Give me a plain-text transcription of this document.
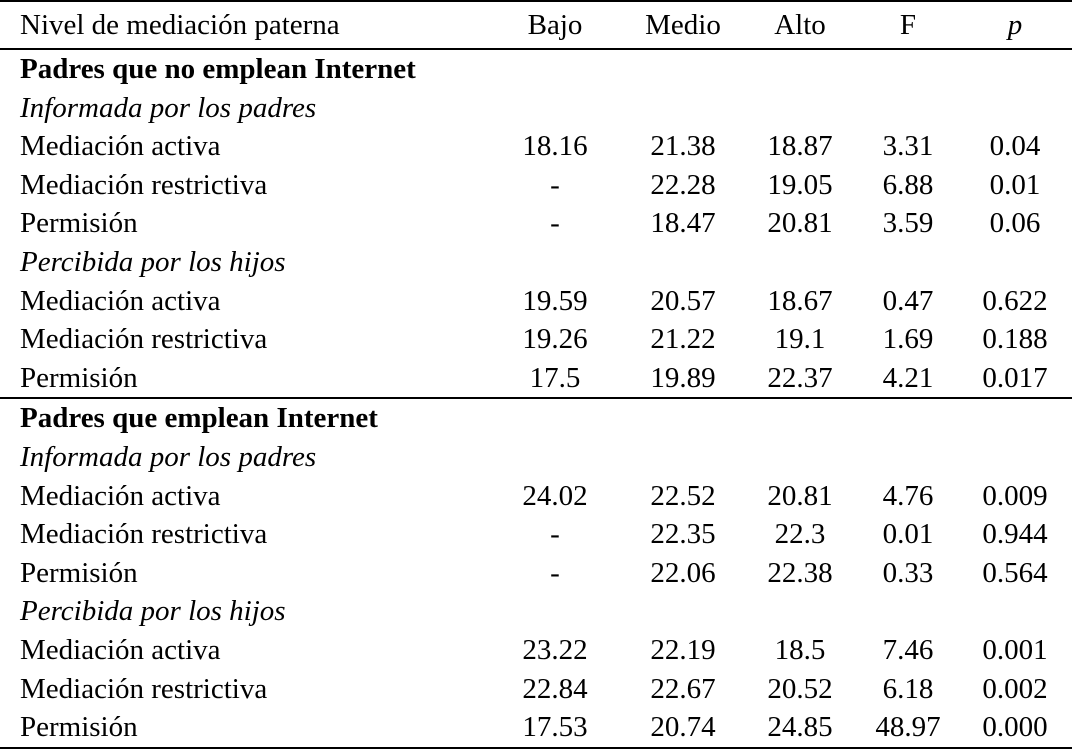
Nivel de mediación paterna	Bajo	Medio	Alto	F	p
Padres que no emplean Internet					
Informada por los padres					
Mediación activa	18.16	21.38	18.87	3.31	0.04
Mediación restrictiva	-	22.28	19.05	6.88	0.01
Permisión	-	18.47	20.81	3.59	0.06
Percibida por los hijos					
Mediación activa	19.59	20.57	18.67	0.47	0.622
Mediación restrictiva	19.26	21.22	19.1	1.69	0.188
Permisión	17.5	19.89	22.37	4.21	0.017
Padres que emplean Internet					
Informada por los padres					
Mediación activa	24.02	22.52	20.81	4.76	0.009
Mediación restrictiva	-	22.35	22.3	0.01	0.944
Permisión	-	22.06	22.38	0.33	0.564
Percibida por los hijos					
Mediación activa	23.22	22.19	18.5	7.46	0.001
Mediación restrictiva	22.84	22.67	20.52	6.18	0.002
Permisión	17.53	20.74	24.85	48.97	0.000
